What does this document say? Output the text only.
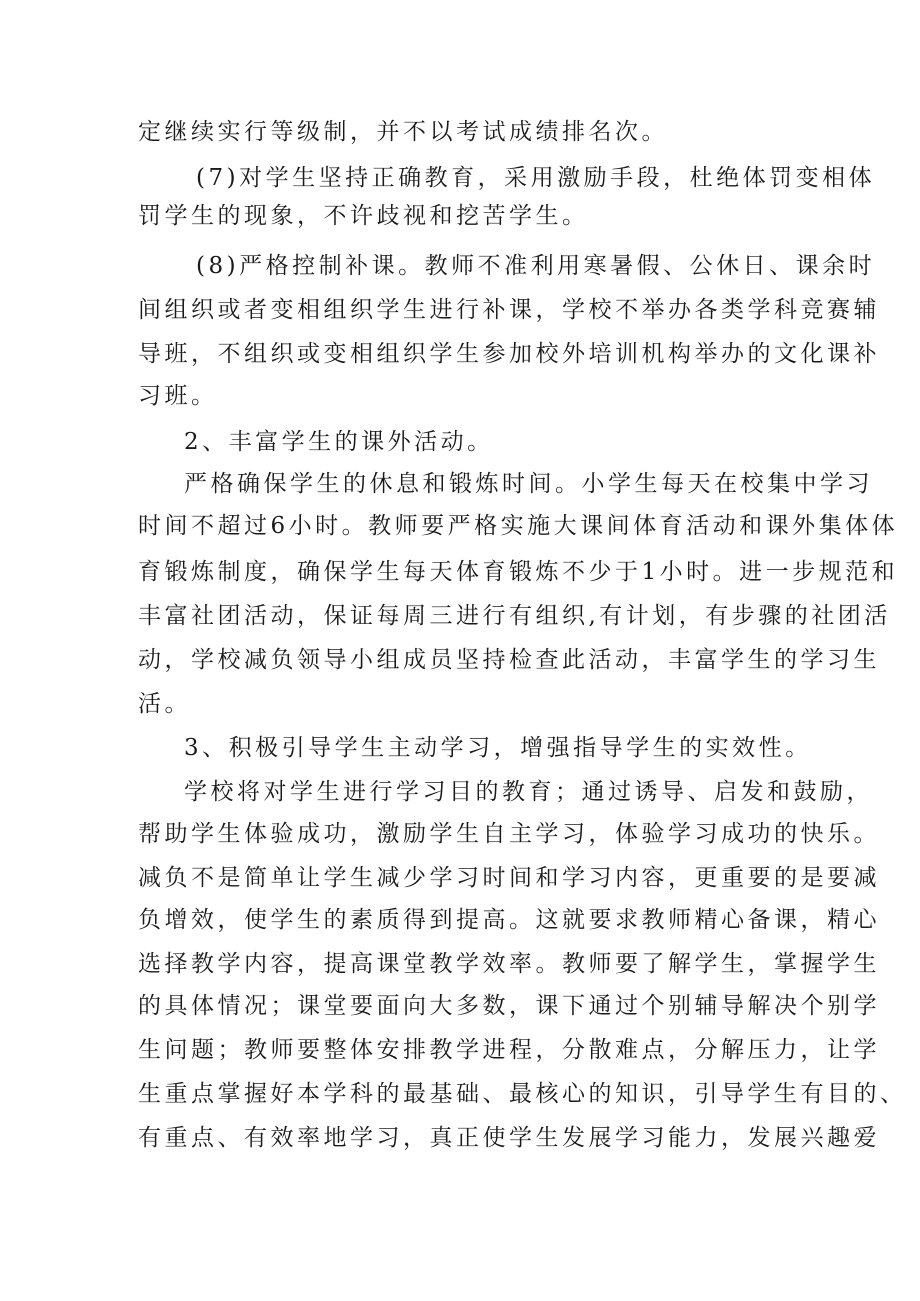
定继续实行等级制，并不以考试成绩排名次。
(7)对学生坚持正确教育，采用激励手段，杜绝体罚变相体
罚学生的现象，不许歧视和挖苦学生。
(8)严格控制补课。教师不准利用寒暑假、公休日、课余时
间组织或者变相组织学生进行补课，学校不举办各类学科竞赛辅
导班，不组织或变相组织学生参加校外培训机构举办的文化课补
习班。
2、丰富学生的课外活动。
严格确保学生的休息和锻炼时间。小学生每天在校集中学习
时间不超过6小时。教师要严格实施大课间体育活动和课外集体体
育锻炼制度，确保学生每天体育锻炼不少于1小时。进一步规范和
丰富社团活动，保证每周三进行有组织,有计划，有步骤的社团活
动，学校减负领导小组成员坚持检查此活动，丰富学生的学习生
活。
3、积极引导学生主动学习，增强指导学生的实效性。
学校将对学生进行学习目的教育；通过诱导、启发和鼓励，
帮助学生体验成功，激励学生自主学习，体验学习成功的快乐。
减负不是简单让学生减少学习时间和学习内容，更重要的是要减
负增效，使学生的素质得到提高。这就要求教师精心备课，精心
选择教学内容，提高课堂教学效率。教师要了解学生，掌握学生
的具体情况；课堂要面向大多数，课下通过个别辅导解决个别学
生问题；教师要整体安排教学进程，分散难点，分解压力，让学
生重点掌握好本学科的最基础、最核心的知识，引导学生有目的、
有重点、有效率地学习，真正使学生发展学习能力，发展兴趣爱
